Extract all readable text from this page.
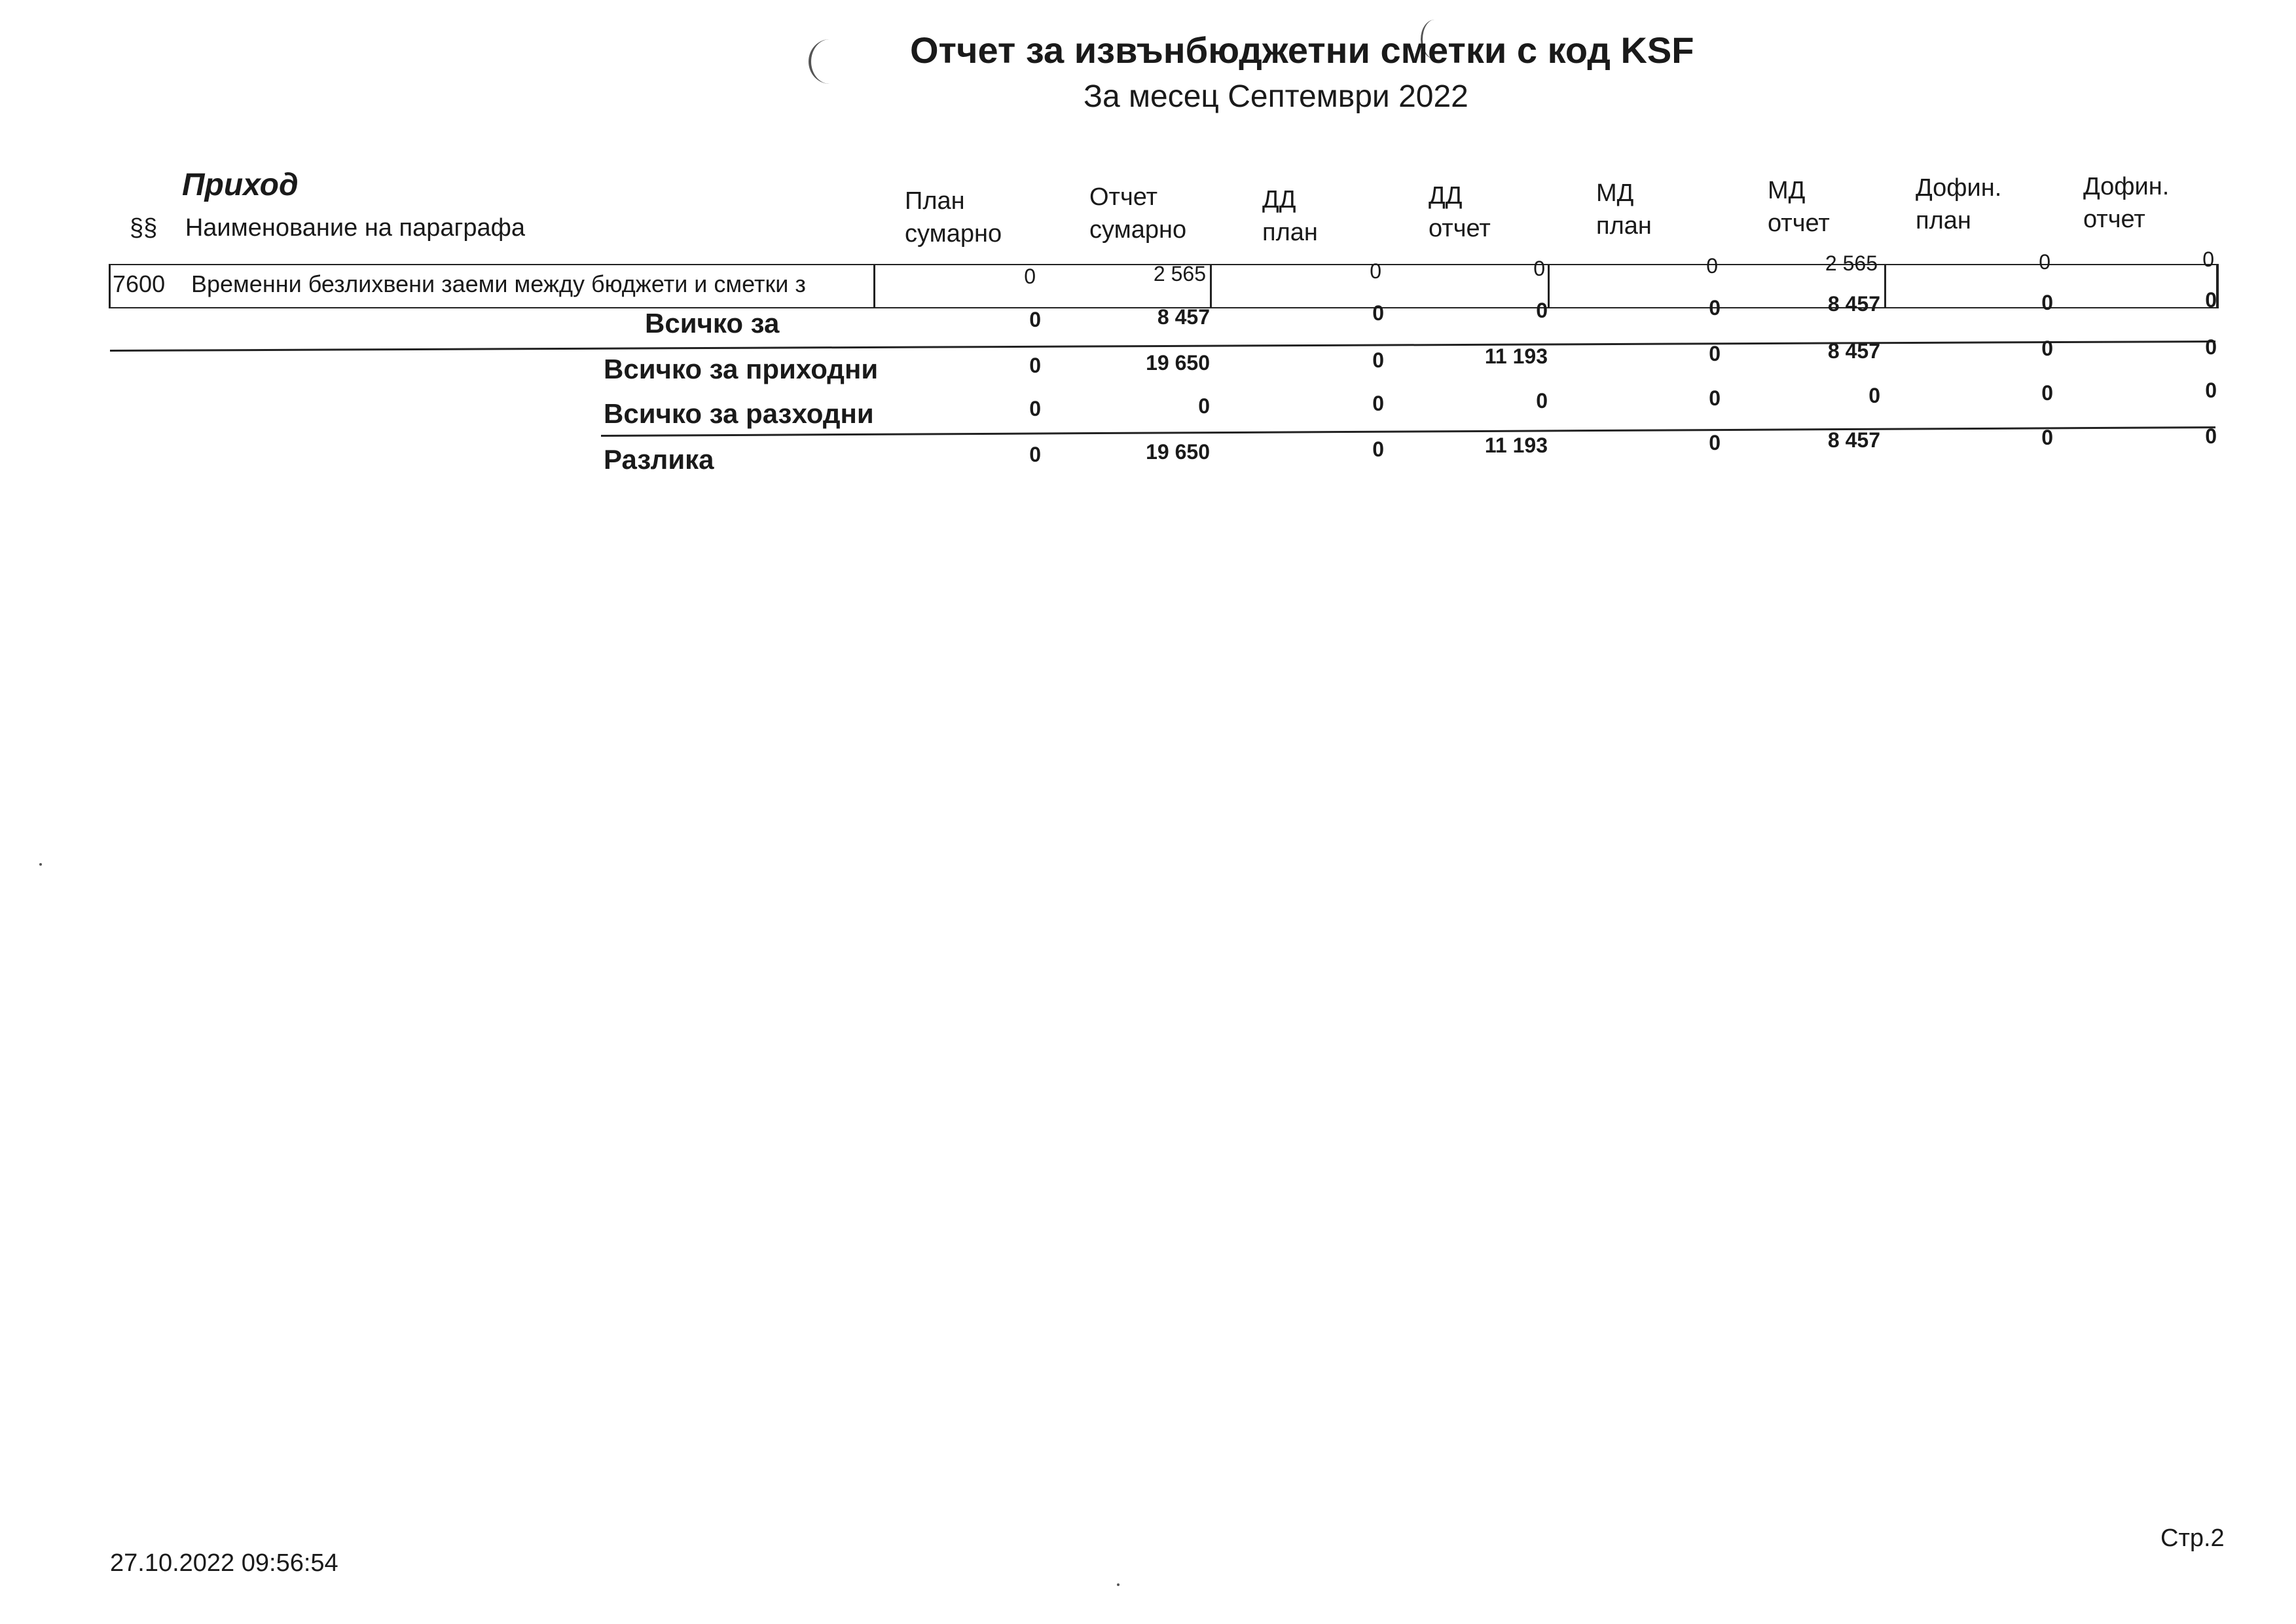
Отчет за извънбюджетни сметки с код KSF
За месец Септември 2022
Приход
§§ Наименование на параграфа
План
сумарно
Отчет
сумарно
ДД
план
ДД
отчет
МД
план
МД
отчет
Дофин.
план
Дофин.
отчет
7600 Временни безлихвени заеми между бюджети и сметки з	0	2 565	0	0	0	2 565	0	0
Всичко за	0	8 457	0	0	0	8 457	0	0
Всичко за приходни	0	19 650	0	11 193	0	8 457	0	0
Всичко за разходни	0	0	0	0	0	0	0	0
Разлика	0	19 650	0	11 193	0	8 457	0	0
27.10.2022 09:56:54
Стр.2
